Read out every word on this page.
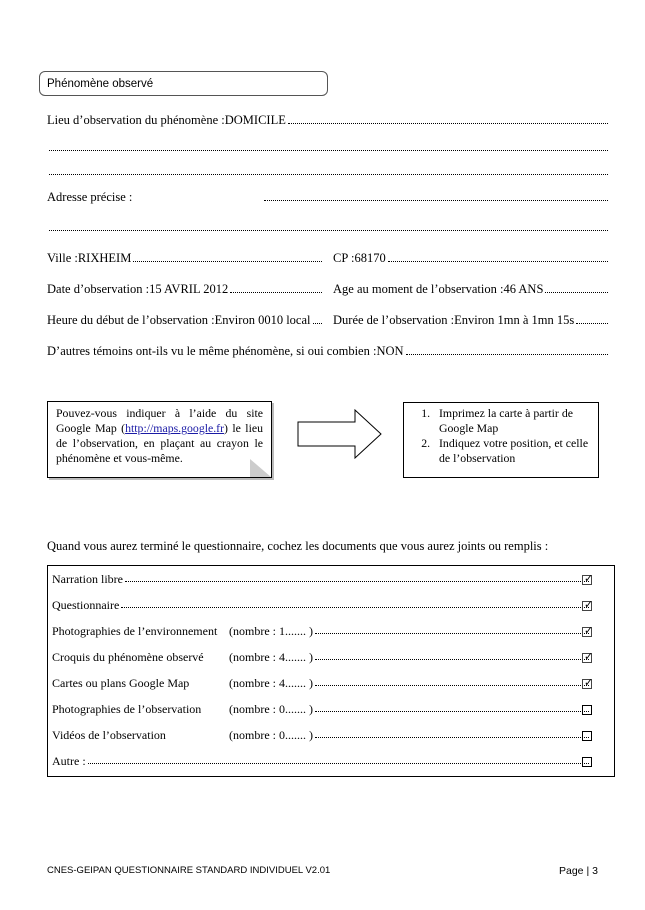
Phénomène observé
Lieu d’observation du phénomène : DOMICILE
Adresse précise :
Ville : RIXHEIM	CP : 68170
Date d’observation : 15 AVRIL 2012	Age au moment de l’observation : 46 ANS
Heure du début de l’observation : Environ 0010 local Durée de l’observation : Environ 1mn à 1mn 15s
D’autres témoins ont-ils vu le même phénomène, si oui combien : NON
Pouvez-vous indiquer à l’aide du site Google Map (http://maps.google.fr) le lieu de l’observation, en plaçant au crayon le phénomène et vous-même.
1. Imprimez la carte à partir de Google Map
2. Indiquez votre position, et celle de l’observation
Quand vous aurez terminé le questionnaire, cochez les documents que vous aurez joints ou remplis :
Narration libre	✓
Questionnaire	✓
Photographies de l’environnement (nombre : 1....... )	✓
Croquis du phénomène observé	(nombre : 4....... )	✓
Cartes ou plans Google Map	(nombre : 4....... )	✓
Photographies de l’observation	(nombre : 0....... )
Vidéos de l’observation	(nombre : 0....... )
Autre :
CNES-GEIPAN QUESTIONNAIRE STANDARD INDIVIDUEL V2.01	Page | 3
